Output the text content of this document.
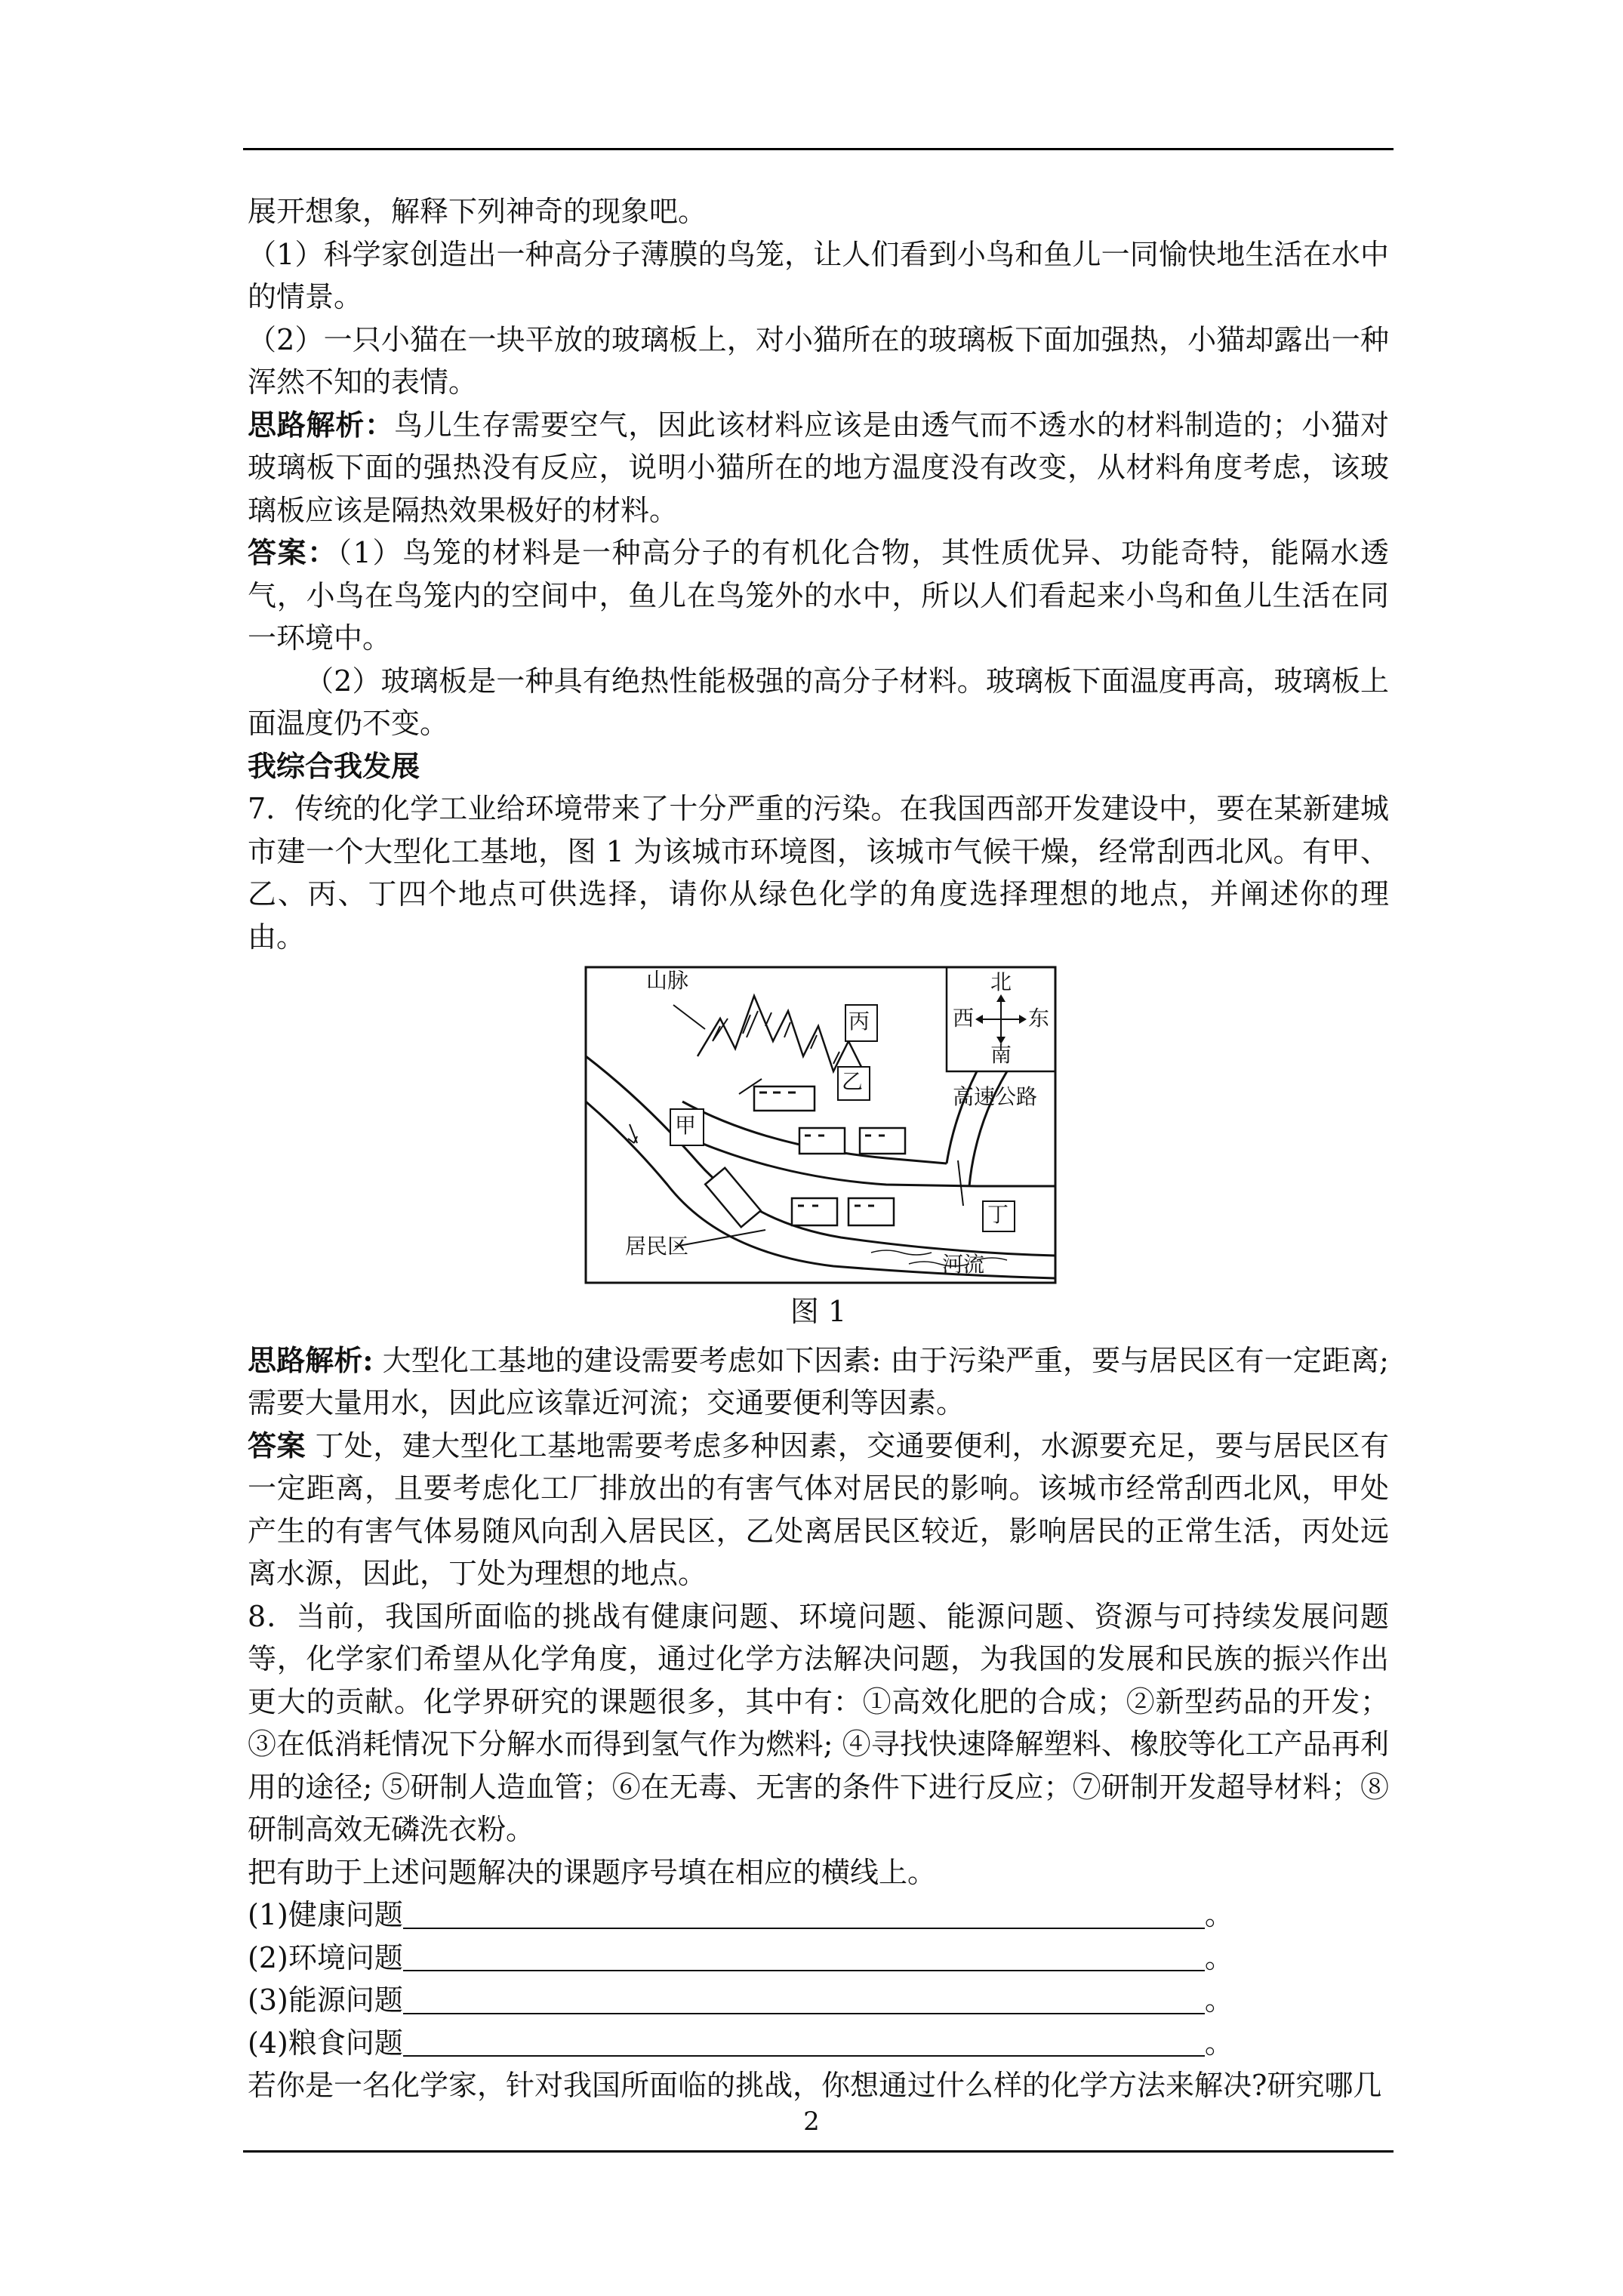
展开想象，解释下列神奇的现象吧。

（1）科学家创造出一种高分子薄膜的鸟笼，让人们看到小鸟和鱼儿一同愉快地生活在水中的情景。

（2）一只小猫在一块平放的玻璃板上，对小猫所在的玻璃板下面加强热，小猫却露出一种浑然不知的表情。

思路解析：鸟儿生存需要空气，因此该材料应该是由透气而不透水的材料制造的；小猫对玻璃板下面的强热没有反应，说明小猫所在的地方温度没有改变，从材料角度考虑，该玻璃板应该是隔热效果极好的材料。

答案：（1）鸟笼的材料是一种高分子的有机化合物，其性质优异、功能奇特，能隔水透气，小鸟在鸟笼内的空间中，鱼儿在鸟笼外的水中，所以人们看起来小鸟和鱼儿生活在同一环境中。

（2）玻璃板是一种具有绝热性能极强的高分子材料。玻璃板下面温度再高，玻璃板上面温度仍不变。

我综合我发展

7．传统的化学工业给环境带来了十分严重的污染。在我国西部开发建设中，要在某新建城市建一个大型化工基地，图 1 为该城市环境图，该城市气候干燥，经常刮西北风。有甲、乙、丙、丁四个地点可供选择，请你从绿色化学的角度选择理想的地点，并阐述你的理由。

山脉
丙
乙
甲
丁
高速公路
居民区
河流
北
南
西	东

图 1

思路解析: 大型化工基地的建设需要考虑如下因素: 由于污染严重，要与居民区有一定距离; 需要大量用水，因此应该靠近河流；交通要便利等因素。

答案 丁处，建大型化工基地需要考虑多种因素，交通要便利，水源要充足，要与居民区有一定距离，且要考虑化工厂排放出的有害气体对居民的影响。该城市经常刮西北风，甲处产生的有害气体易随风向刮入居民区，乙处离居民区较近，影响居民的正常生活，丙处远离水源，因此，丁处为理想的地点。

8．当前，我国所面临的挑战有健康问题、环境问题、能源问题、资源与可持续发展问题等，化学家们希望从化学角度，通过化学方法解决问题，为我国的发展和民族的振兴作出更大的贡献。化学界研究的课题很多，其中有：①高效化肥的合成；②新型药品的开发；③在低消耗情况下分解水而得到氢气作为燃料; ④寻找快速降解塑料、橡胶等化工产品再利用的途径; ⑤研制人造血管；⑥在无毒、无害的条件下进行反应；⑦研制开发超导材料；⑧研制高效无磷洗衣粉。

把有助于上述问题解决的课题序号填在相应的横线上。

(1)健康问题	。
(2)环境问题	。
(3)能源问题	。
(4)粮食问题	。

若你是一名化学家，针对我国所面临的挑战，你想通过什么样的化学方法来解决?研究哪几

2
